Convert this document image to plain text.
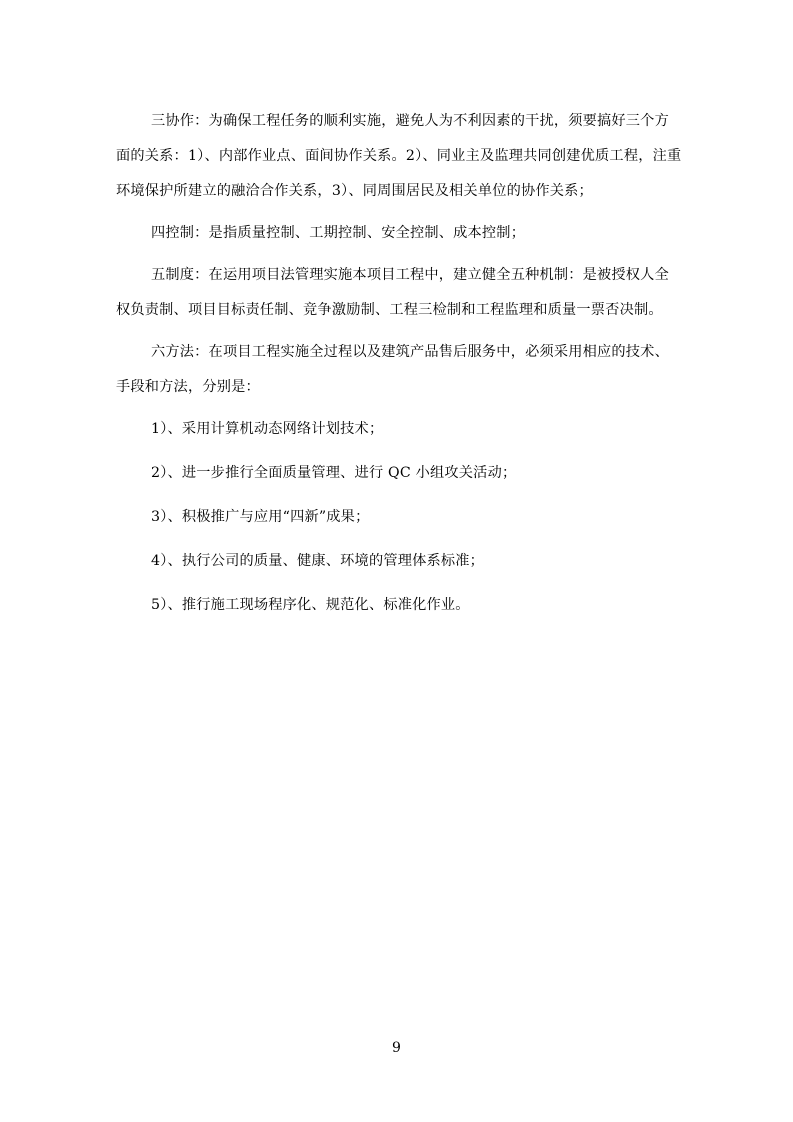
三协作：为确保工程任务的顺利实施，避免人为不利因素的干扰，须要搞好三个方面的关系：1）、内部作业点、面间协作关系。2）、同业主及监理共同创建优质工程，注重环境保护所建立的融洽合作关系，3）、同周围居民及相关单位的协作关系；

四控制：是指质量控制、工期控制、安全控制、成本控制；

五制度：在运用项目法管理实施本项目工程中，建立健全五种机制：是被授权人全权负责制、项目目标责任制、竞争激励制、工程三检制和工程监理和质量一票否决制。

六方法：在项目工程实施全过程以及建筑产品售后服务中，必须采用相应的技术、手段和方法，分别是：

1）、采用计算机动态网络计划技术；

2）、进一步推行全面质量管理、进行 QC 小组攻关活动；

3）、积极推广与应用“四新”成果；

4）、执行公司的质量、健康、环境的管理体系标准；

5）、推行施工现场程序化、规范化、标准化作业。

9
